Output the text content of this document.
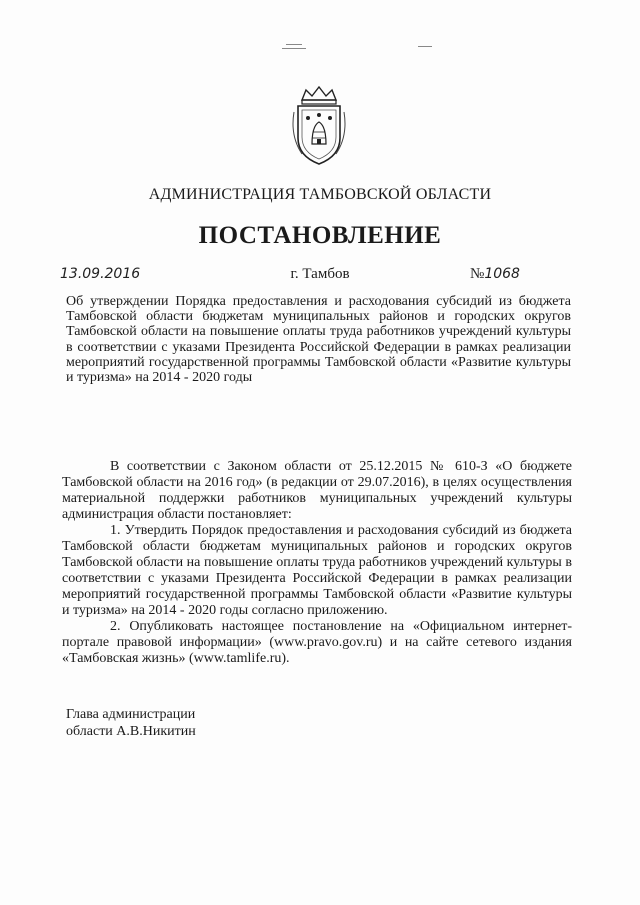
АДМИНИСТРАЦИЯ ТАМБОВСКОЙ ОБЛАСТИ
ПОСТАНОВЛЕНИЕ
13.09.2016	г. Тамбов	№1068
Об утверждении Порядка предоставления и расходования субсидий из бюджета Тамбовской области бюджетам муниципальных районов и городских округов Тамбовской области на повышение оплаты труда работников учреждений культуры в соответствии с указами Президента Российской Федерации в рамках реализации мероприятий государственной программы Тамбовской области «Развитие культуры и туризма» на 2014 - 2020 годы

В соответствии с Законом области от 25.12.2015 № 610-З «О бюджете Тамбовской области на 2016 год» (в редакции от 29.07.2016), в целях осуществления материальной поддержки работников муниципальных учреждений культуры администрация области постановляет:

1. Утвердить Порядок предоставления и расходования субсидий из бюджета Тамбовской области бюджетам муниципальных районов и городских округов Тамбовской области на повышение оплаты труда работников учреждений культуры в соответствии с указами Президента Российской Федерации в рамках реализации мероприятий государственной программы Тамбовской области «Развитие культуры и туризма» на 2014 - 2020 годы согласно приложению.

2. Опубликовать настоящее постановление на «Официальном интернет-портале правовой информации» (www.pravo.gov.ru) и на сайте сетевого издания «Тамбовская жизнь» (www.tamlife.ru).

Глава администрации
области А.В.Никитин
